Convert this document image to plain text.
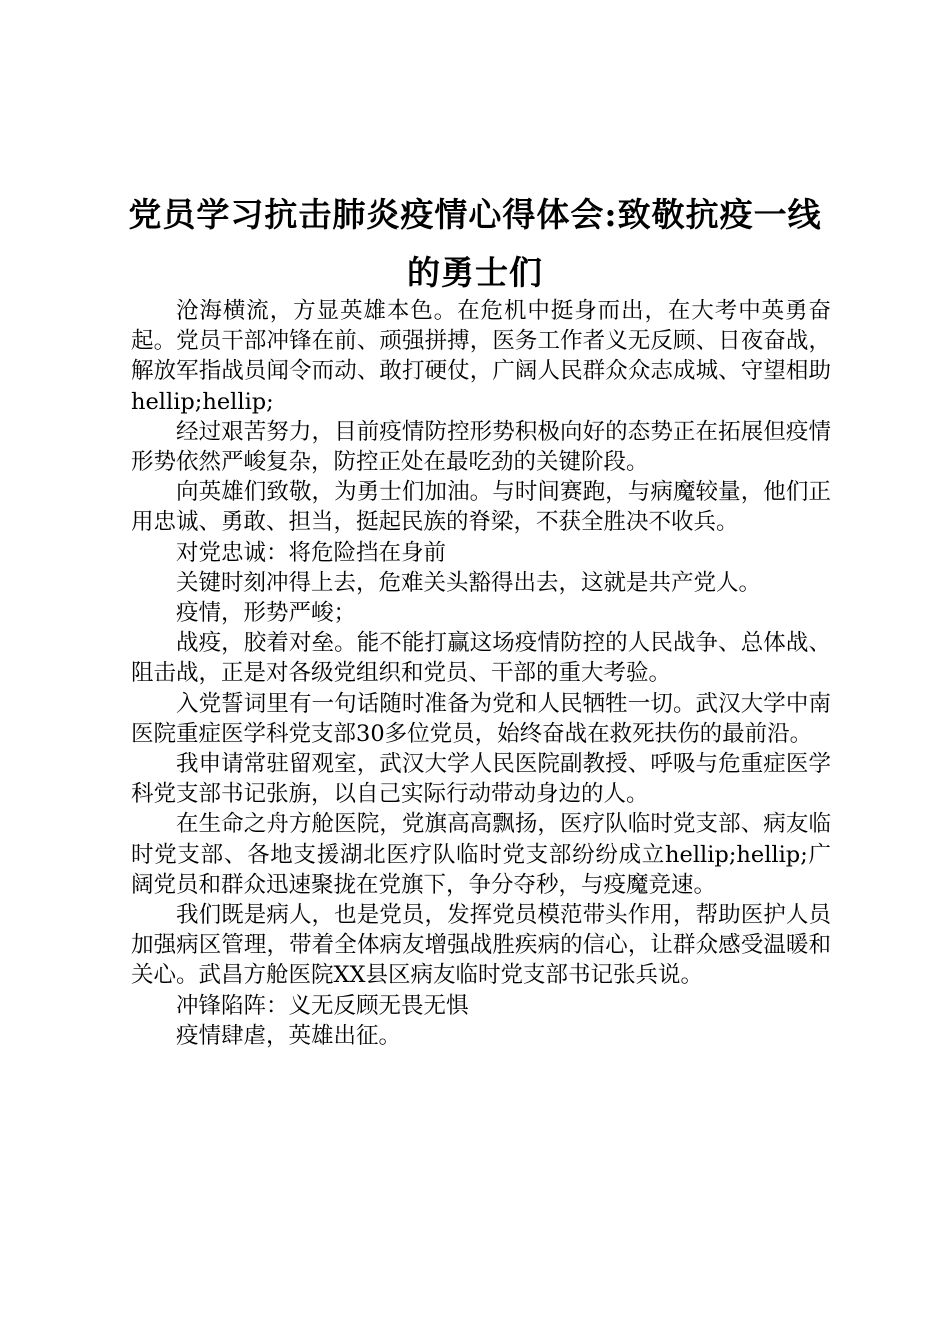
党员学习抗击肺炎疫情心得体会:致敬抗疫一线的勇士们

沧海横流，方显英雄本色。在危机中挺身而出，在大考中英勇奋起。党员干部冲锋在前、顽强拼搏，医务工作者义无反顾、日夜奋战，解放军指战员闻令而动、敢打硬仗，广阔人民群众众志成城、守望相助hellip;hellip;

经过艰苦努力，目前疫情防控形势积极向好的态势正在拓展但疫情形势依然严峻复杂，防控正处在最吃劲的关键阶段。

向英雄们致敬，为勇士们加油。与时间赛跑，与病魔较量，他们正用忠诚、勇敢、担当，挺起民族的脊梁，不获全胜决不收兵。

对党忠诚：将危险挡在身前

关键时刻冲得上去，危难关头豁得出去，这就是共产党人。

疫情，形势严峻；

战疫，胶着对垒。能不能打赢这场疫情防控的人民战争、总体战、阻击战，正是对各级党组织和党员、干部的重大考验。

入党誓词里有一句话随时准备为党和人民牺牲一切。武汉大学中南医院重症医学科党支部30多位党员，始终奋战在救死扶伤的最前沿。

我申请常驻留观室，武汉大学人民医院副教授、呼吸与危重症医学科党支部书记张旃，以自己实际行动带动身边的人。

在生命之舟方舱医院，党旗高高飘扬，医疗队临时党支部、病友临时党支部、各地支援湖北医疗队临时党支部纷纷成立hellip;hellip;广阔党员和群众迅速聚拢在党旗下，争分夺秒，与疫魔竞速。

我们既是病人，也是党员，发挥党员模范带头作用，帮助医护人员加强病区管理，带着全体病友增强战胜疾病的信心，让群众感受温暖和关心。武昌方舱医院XX县区病友临时党支部书记张兵说。

冲锋陷阵：义无反顾无畏无惧

疫情肆虐，英雄出征。
